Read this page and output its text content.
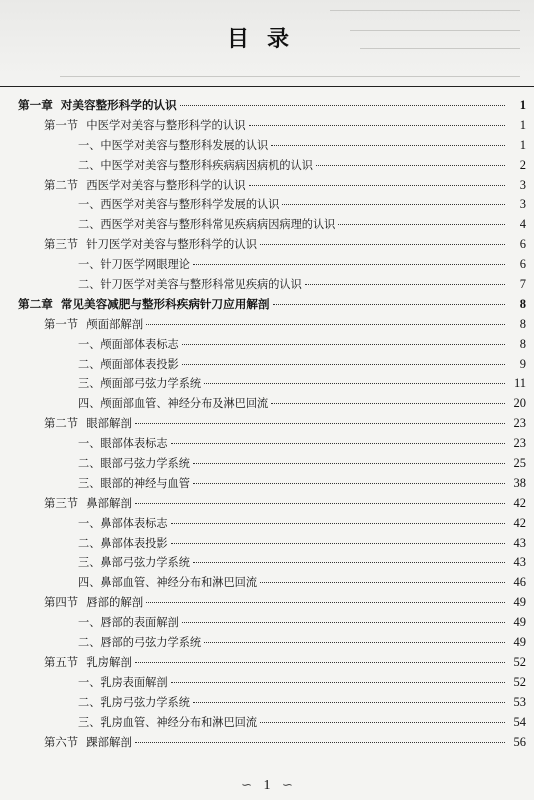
目录
第一章 对美容整形科学的认识	1
第一节 中医学对美容与整形科学的认识	1
一、中医学对美容与整形科发展的认识	1
二、中医学对美容与整形科疾病病因病机的认识	2
第二节 西医学对美容与整形科学的认识	3
一、西医学对美容与整形科学发展的认识	3
二、西医学对美容与整形科常见疾病病因病理的认识	4
第三节 针刀医学对美容与整形科学的认识	6
一、针刀医学网眼理论	6
二、针刀医学对美容与整形科常见疾病的认识	7
第二章 常见美容减肥与整形科疾病针刀应用解剖	8
第一节 颅面部解剖	8
一、颅面部体表标志	8
二、颅面部体表投影	9
三、颅面部弓弦力学系统	11
四、颅面部血管、神经分布及淋巴回流	20
第二节 眼部解剖	23
一、眼部体表标志	23
二、眼部弓弦力学系统	25
三、眼部的神经与血管	38
第三节 鼻部解剖	42
一、鼻部体表标志	42
二、鼻部体表投影	43
三、鼻部弓弦力学系统	43
四、鼻部血管、神经分布和淋巴回流	46
第四节 唇部的解剖	49
一、唇部的表面解剖	49
二、唇部的弓弦力学系统	49
第五节 乳房解剖	52
一、乳房表面解剖	52
二、乳房弓弦力学系统	53
三、乳房血管、神经分布和淋巴回流	54
第六节 踝部解剖	56
∽ 1 ∽
